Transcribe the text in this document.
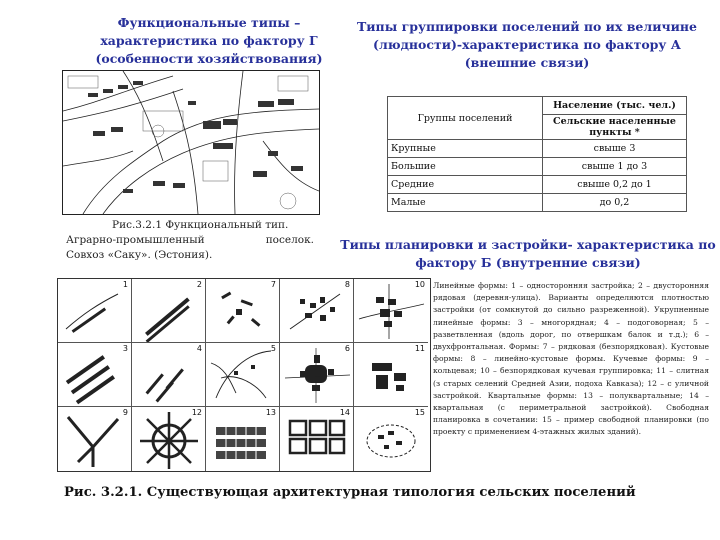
Функциональные типы – характеристика по фактору Г (особенности хозяйствования)
Типы группировки поселений по их величине (людности)-характеристика по фактору А (внешние связи)
Рис.3.2.1 Функциональный тип.
Аграрно-промышленный	поселок.
Совхоз «Саку». (Эстония).
Группы поселений	Население (тыс. чел.)
	Сельские населенные пункты *
Крупные	свыше 3
Большие	свыше 1 до 3
Средние	свыше 0,2 до 1
Малые	до 0,2
Типы планировки и застройки- характеристика по фактору Б (внутренние связи)
1	2	7	8	10
3	4	5	6	11
9	12	13	14	15
Линейные формы: 1 – односторонняя застройка; 2 – двусторонняя рядовая (деревня-улица). Варианты определяются плотностью застройки (от сомкнутой до сильно разреженной). Укрупненные линейные формы: 3 – многорядная; 4 – подоговорная; 5 – разветвленная (вдоль дорог, по отвершкам балок и т.д.); 6 – двухфронтальная. Формы: 7 – рядковая (безпорядковая). Кустовые формы: 8 – линейно-кустовые формы. Кучевые формы: 9 – кольцевая; 10 – безпорядковая кучевая группировка; 11 – слитная (з старых селений Средней Азии, подоха Кавказа); 12 – с уличной застройкой. Квартальные формы: 13 – полуквартальные; 14 – квартальная (с периметральной застройкой). Свободная планировка в сочетании: 15 – пример свободной планировки (по проекту с применением 4-этажных жилых зданий).
Рис. 3.2.1. Существующая архитектурная типология сельских поселений
